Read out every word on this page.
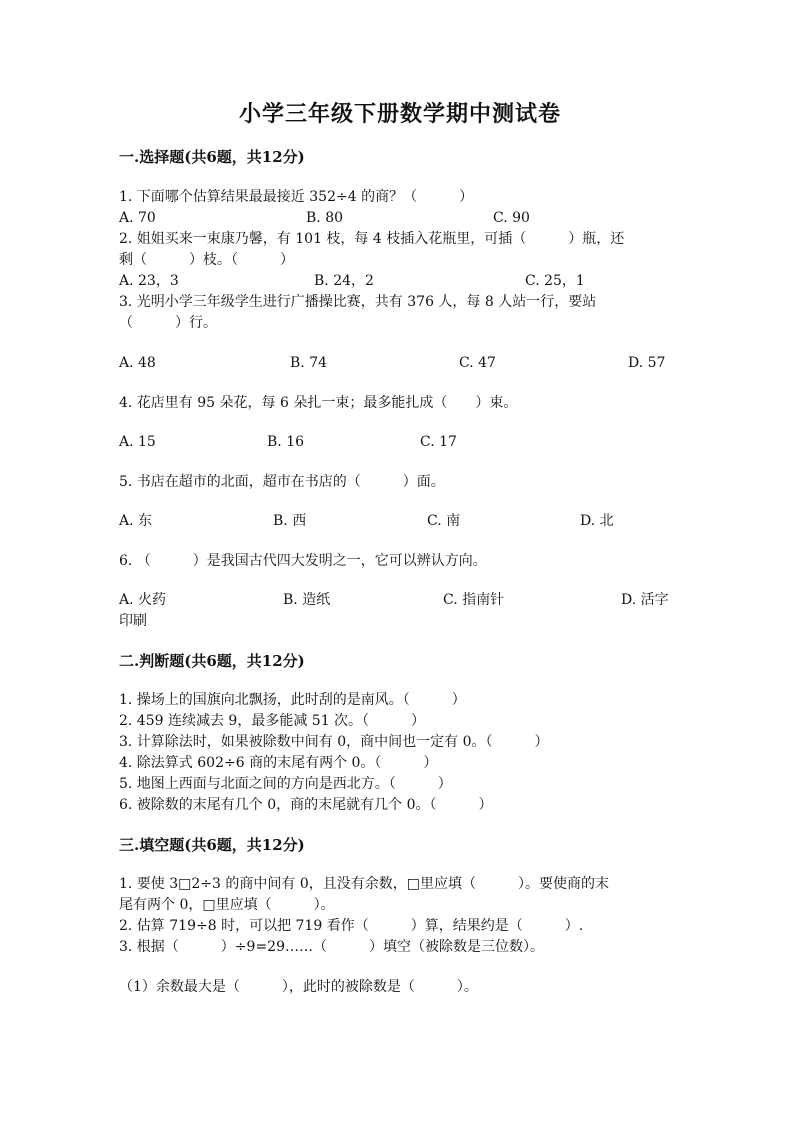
小学三年级下册数学期中测试卷
一.选择题(共6题，共12分)
1. 下面哪个估算结果最最接近 352÷4 的商？（　　　）
A. 70	B. 80	C. 90
2. 姐姐买来一束康乃馨，有 101 枝，每 4 枝插入花瓶里，可插（　　　）瓶，还
剩（　　　）枝。（　　　）
A. 23，3	B. 24，2	C. 25，1
3. 光明小学三年级学生进行广播操比赛，共有 376 人，每 8 人站一行，要站
（　　　）行。
A. 48	B. 74	C. 47	D. 57
4. 花店里有 95 朵花，每 6 朵扎一束；最多能扎成（　　）束。
A. 15	B. 16	C. 17
5. 书店在超市的北面，超市在书店的（　　　）面。
A. 东	B. 西	C. 南	D. 北
6. （　　　）是我国古代四大发明之一，它可以辨认方向。
A. 火药	B. 造纸	C. 指南针	D. 活字
印刷
二.判断题(共6题，共12分)
1. 操场上的国旗向北飘扬，此时刮的是南风。（　　　）
2. 459 连续减去 9，最多能减 51 次。（　　　）
3. 计算除法时，如果被除数中间有 0，商中间也一定有 0。（　　　）
4. 除法算式 602÷6 商的末尾有两个 0。（　　　）
5. 地图上西面与北面之间的方向是西北方。（　　　）
6. 被除数的末尾有几个 0，商的末尾就有几个 0。（　　　）
三.填空题(共6题，共12分)
1. 要使 3□2÷3 的商中间有 0，且没有余数，□里应填（　　　）。要使商的末
尾有两个 0，□里应填（　　　）。
2. 估算 719÷8 时，可以把 719 看作（　　　）算，结果约是（　　　）.
3. 根据（　　　）÷9=29……（　　　）填空（被除数是三位数）。
（1）余数最大是（　　　），此时的被除数是（　　　）。
